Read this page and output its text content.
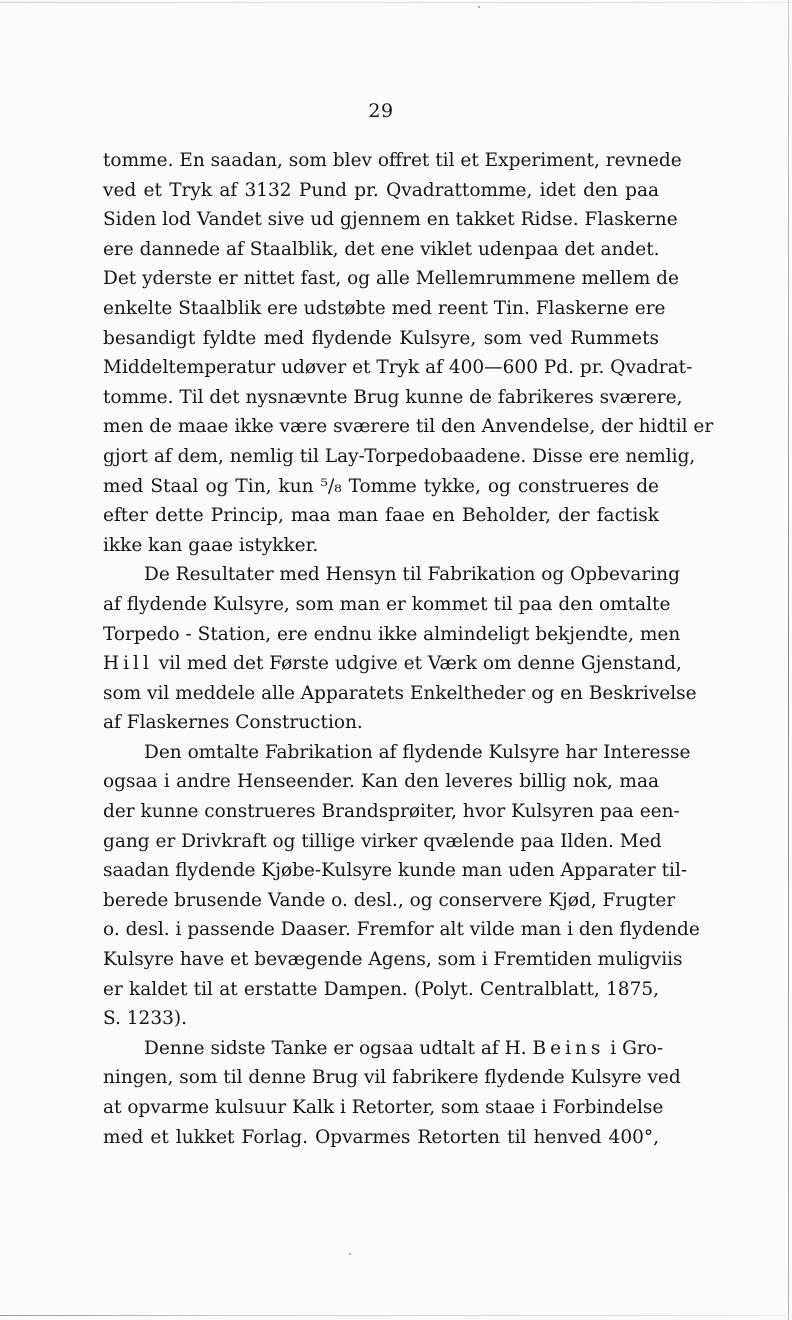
29
tomme. En saadan, som blev offret til et Experiment, revnede
ved et Tryk af 3132 Pund pr. Qvadrattomme, idet den paa
Siden lod Vandet sive ud gjennem en takket Ridse. Flaskerne
ere dannede af Staalblik, det ene viklet udenpaa det andet.
Det yderste er nittet fast, og alle Mellemrummene mellem de
enkelte Staalblik ere udstøbte med reent Tin. Flaskerne ere
besandigt fyldte med flydende Kulsyre, som ved Rummets
Middeltemperatur udøver et Tryk af 400—600 Pd. pr. Qvadrat-
tomme. Til det nysnævnte Brug kunne de fabrikeres sværere,
men de maae ikke være sværere til den Anvendelse, der hidtil er
gjort af dem, nemlig til Lay-Torpedobaadene. Disse ere nemlig,
med Staal og Tin, kun ⁵/₈ Tomme tykke, og construeres de
efter dette Princip, maa man faae en Beholder, der factisk
ikke kan gaae istykker.
De Resultater med Hensyn til Fabrikation og Opbevaring
af flydende Kulsyre, som man er kommet til paa den omtalte
Torpedo - Station, ere endnu ikke almindeligt bekjendte, men
Hill vil med det Første udgive et Værk om denne Gjenstand,
som vil meddele alle Apparatets Enkeltheder og en Beskrivelse
af Flaskernes Construction.
Den omtalte Fabrikation af flydende Kulsyre har Interesse
ogsaa i andre Henseender. Kan den leveres billig nok, maa
der kunne construeres Brandsprøiter, hvor Kulsyren paa een-
gang er Drivkraft og tillige virker qvælende paa Ilden. Med
saadan flydende Kjøbe-Kulsyre kunde man uden Apparater til-
berede brusende Vande o. desl., og conservere Kjød, Frugter
o. desl. i passende Daaser. Fremfor alt vilde man i den flydende
Kulsyre have et bevægende Agens, som i Fremtiden muligviis
er kaldet til at erstatte Dampen. (Polyt. Centralblatt, 1875,
S. 1233).
Denne sidste Tanke er ogsaa udtalt af H. Beins i Gro-
ningen, som til denne Brug vil fabrikere flydende Kulsyre ved
at opvarme kulsuur Kalk i Retorter, som staae i Forbindelse
med et lukket Forlag. Opvarmes Retorten til henved 400°,
